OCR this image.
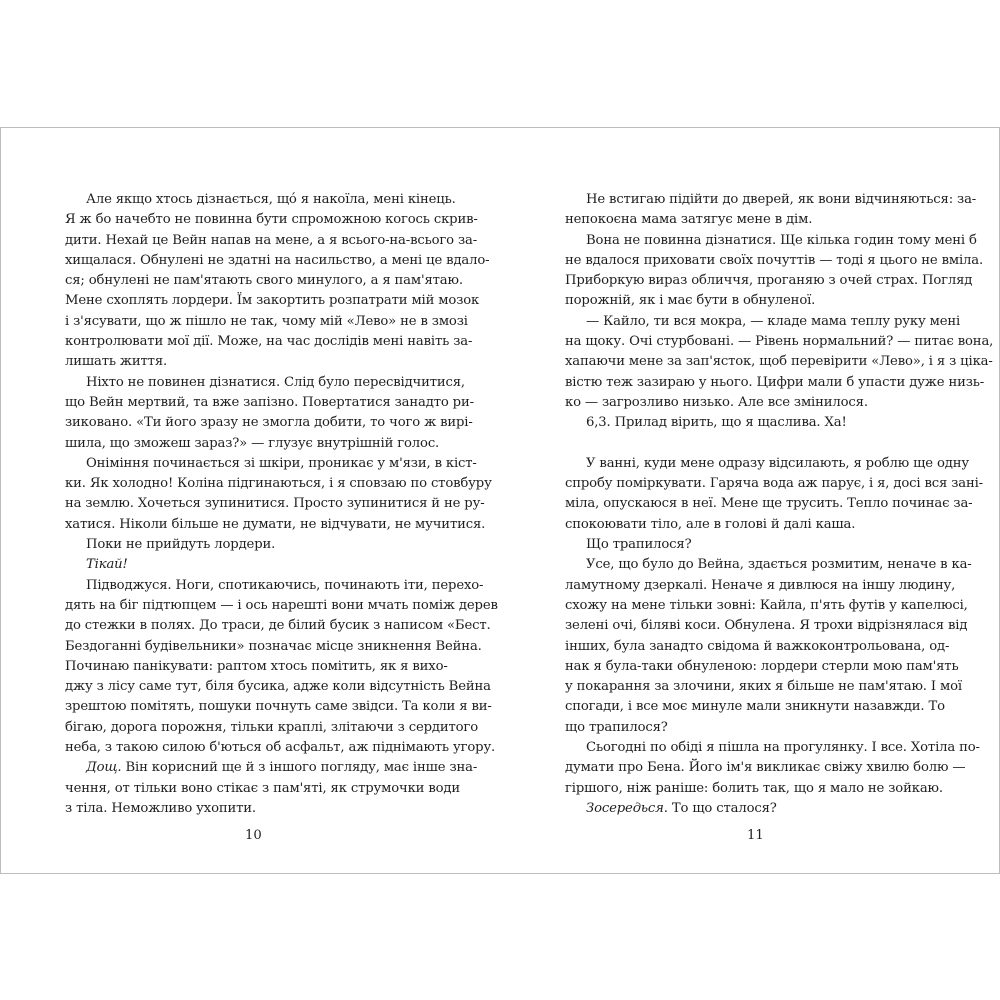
Але якщо хтось дізнається, щó я накоїла, мені кінець.
Я ж бо начебто не повинна бути спроможною когось скрив-
дити. Нехай це Вейн напав на мене, а я всього-на-всього за-
хищалася. Обнулені не здатні на насильство, а мені це вдало-
ся; обнулені не пам'ятають свого минулого, а я пам'ятаю.
Мене схоплять лордери. Їм закортить розпатрати мій мозок
і з'ясувати, що ж пішло не так, чому мій «Лево» не в змозі
контролювати мої дії. Може, на час дослідів мені навіть за-
лишать життя.
Ніхто не повинен дізнатися. Слід було пересвідчитися,
що Вейн мертвий, та вже запізно. Повертатися занадто ри-
зиковано. «Ти його зразу не змогла добити, то чого ж вирі-
шила, що зможеш зараз?» — глузує внутрішній голос.
Оніміння починається зі шкіри, проникає у м'язи, в кіст-
ки. Як холодно! Коліна підгинаються, і я сповзаю по стовбуру
на землю. Хочеться зупинитися. Просто зупинитися й не ру-
хатися. Ніколи більше не думати, не відчувати, не мучитися.
Поки не прийдуть лордери.
Тікай!
Підводжуся. Ноги, спотикаючись, починають іти, перехо-
дять на біг підтюпцем — і ось нарешті вони мчать поміж дерев
до стежки в полях. До траси, де білий бусик з написом «Бест.
Бездоганні будівельники» позначає місце зникнення Вейна.
Починаю панікувати: раптом хтось помітить, як я вихо-
джу з лісу саме тут, біля бусика, адже коли відсутність Вейна
зрештою помітять, пошуки почнуть саме звідси. Та коли я ви-
бігаю, дорога порожня, тільки краплі, злітаючи з сердитого
неба, з такою силою б'ються об асфальт, аж піднімають угору.
Дощ. Він корисний ще й з іншого погляду, має інше зна-
чення, от тільки воно стікає з пам'яті, як струмочки води
з тіла. Неможливо ухопити.
Не встигаю підійти до дверей, як вони відчиняються: за-
непокоєна мама затягує мене в дім.
Вона не повинна дізнатися. Ще кілька годин тому мені б
не вдалося приховати своїх почуттів — тоді я цього не вміла.
Приборкую вираз обличчя, проганяю з очей страх. Погляд
порожній, як і має бути в обнуленої.
— Кайло, ти вся мокра, — кладе мама теплу руку мені
на щоку. Очі стурбовані. — Рівень нормальний? — питає вона,
хапаючи мене за зап'ясток, щоб перевірити «Лево», і я з ціка-
вістю теж зазираю у нього. Цифри мали б упасти дуже низь-
ко — загрозливо низько. Але все змінилося.
6,3. Прилад вірить, що я щаслива. Ха!
У ванні, куди мене одразу відсилають, я роблю ще одну
спробу поміркувати. Гаряча вода аж парує, і я, досі вся зані-
міла, опускаюся в неї. Мене ще трусить. Тепло починає за-
спокоювати тіло, але в голові й далі каша.
Що трапилося?
Усе, що було до Вейна, здається розмитим, неначе в ка-
ламутному дзеркалі. Неначе я дивлюся на іншу людину,
схожу на мене тільки зовні: Кайла, п'ять футів у капелюсі,
зелені очі, біляві коси. Обнулена. Я трохи відрізнялася від
інших, була занадто свідома й важкоконтрольована, од-
нак я була-таки обнуленою: лордери стерли мою пам'ять
у покарання за злочини, яких я більше не пам'ятаю. І мої
спогади, і все моє минуле мали зникнути назавжди. То
що трапилося?
Сьогодні по обіді я пішла на прогулянку. І все. Хотіла по-
думати про Бена. Його ім'я викликає свіжу хвилю болю —
гіршого, ніж раніше: болить так, що я мало не зойкаю.
Зосередься. То що сталося?
10	11
